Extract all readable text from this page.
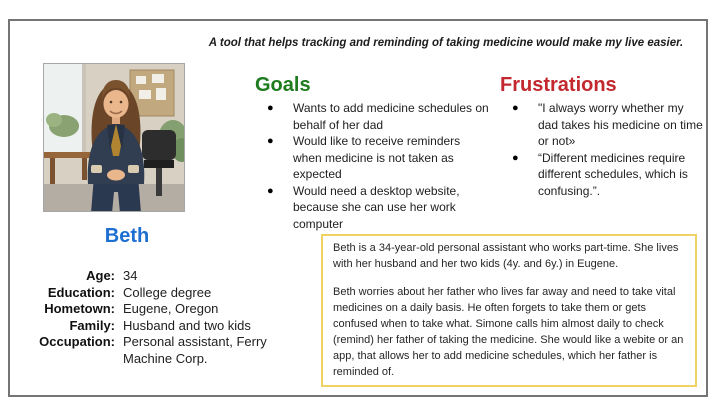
A tool that helps tracking and reminding of taking medicine would make my live easier.
Beth
Age: 34
Education: College degree
Hometown: Eugene, Oregon
Family: Husband and two kids
Occupation: Personal assistant, Ferry Machine Corp.
Goals
● Wants to add medicine schedules on behalf of her dad
● Would like to receive reminders when medicine is not taken as expected
● Would need a desktop website, because she can use her work computer
Frustrations
● "I always worry whether my dad takes his medicine on time or not»
● “Different medicines require different schedules, which is confusing.”.

Beth is a 34-year-old personal assistant who works part-time. She lives with her husband and her two kids (4y. and 6y.) in Eugene.

Beth worries about her father who lives far away and need to take vital medicines on a daily basis. He often forgets to take them or gets confused when to take what. Simone calls him almost daily to check (remind) her father of taking the medicine. She would like a webite or an app, that allows her to add medicine schedules, which her father is reminded of.
